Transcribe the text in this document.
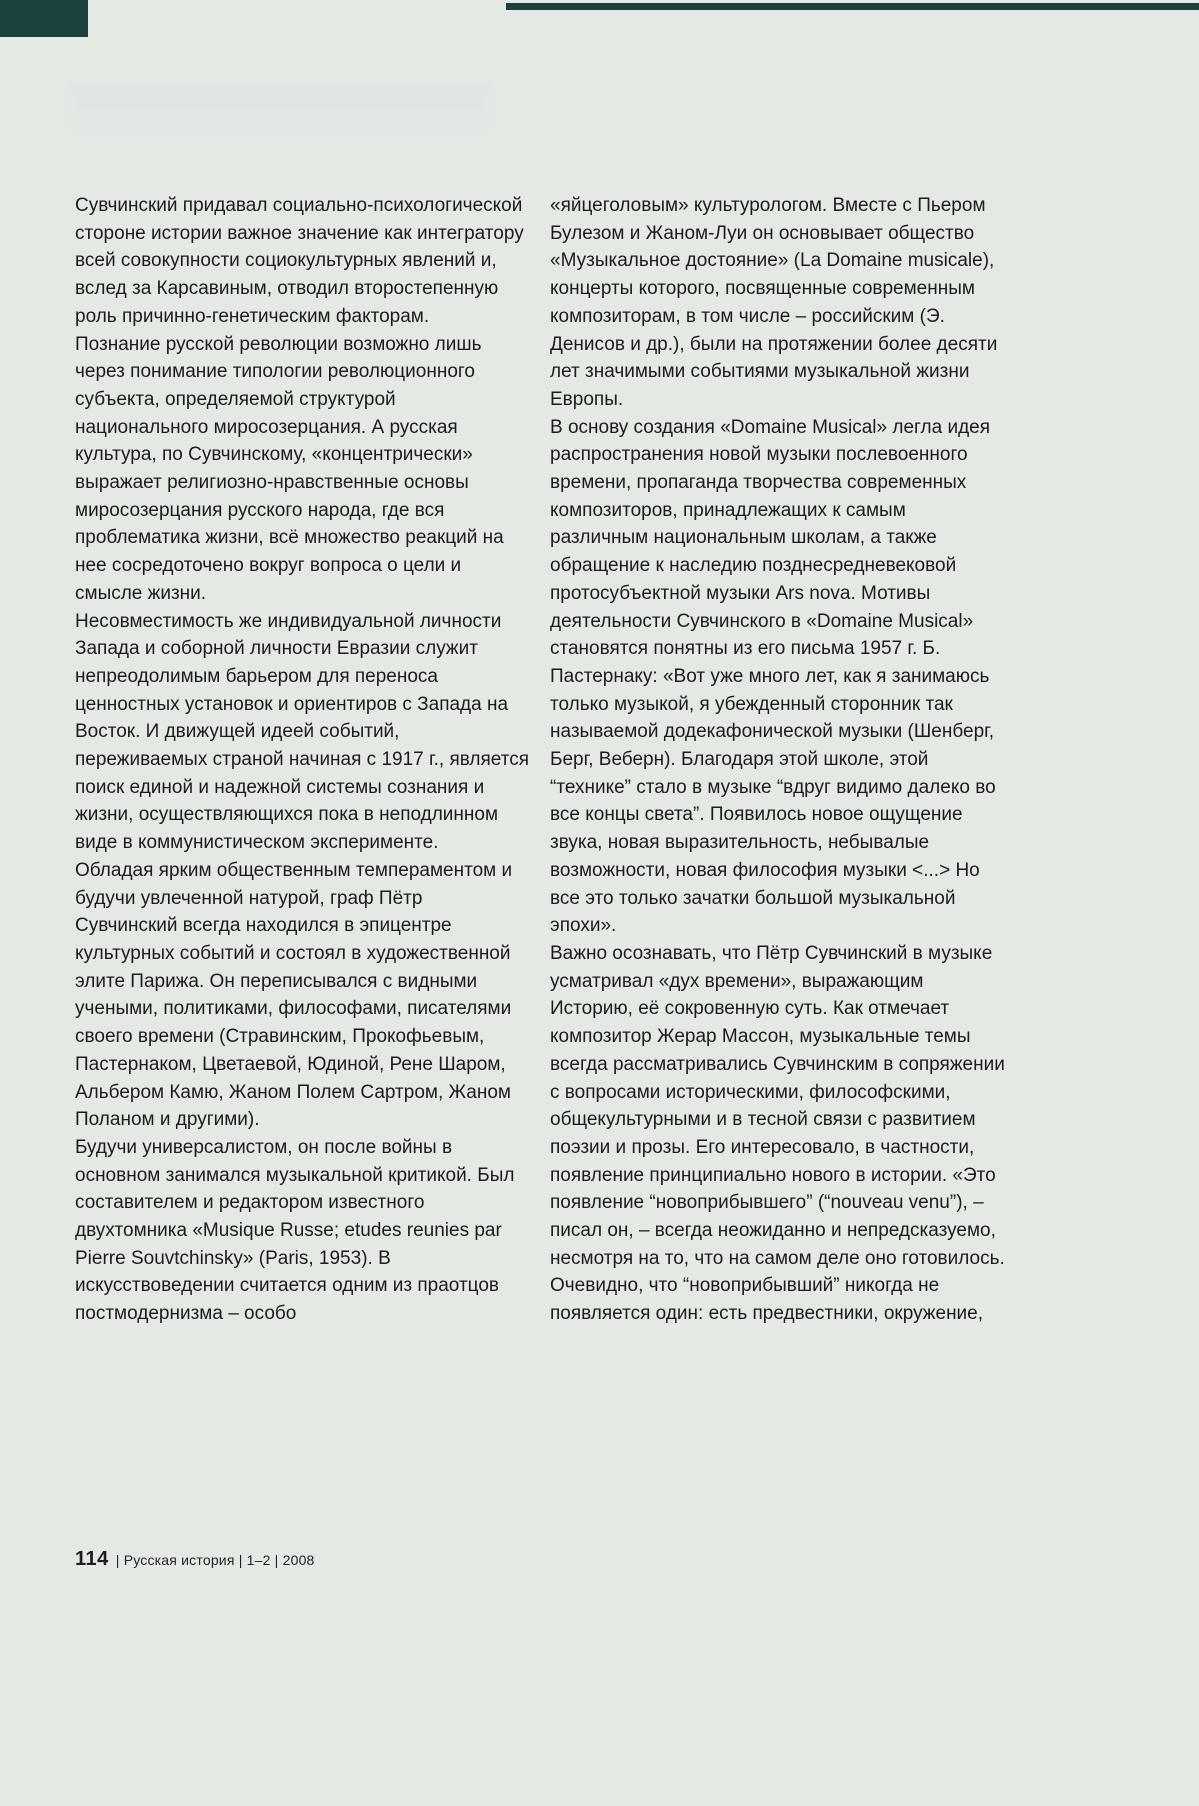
Сувчинский придавал социально-психологической стороне истории важное значение как интегратору всей совокупности социокультурных явлений и, вслед за Карсавиным, отводил второстепенную роль причинно-генетическим факторам.

Познание русской революции возможно лишь через понимание типологии революционного субъекта, определяемой структурой национального миросозерцания. А русская культура, по Сувчинскому, «концентрически» выражает религиозно-нравственные основы миросозерцания русского народа, где вся проблематика жизни, всё множество реакций на нее сосредоточено вокруг вопроса о цели и смысле жизни.

Несовместимость же индивидуальной личности Запада и соборной личности Евразии служит непреодолимым барьером для переноса ценностных установок и ориентиров с Запада на Восток. И движущей идеей событий, переживаемых страной начиная с 1917 г., является поиск единой и надежной системы сознания и жизни, осуществляющихся пока в неподлинном виде в коммунистическом эксперименте.

Обладая ярким общественным темпераментом и будучи увлеченной натурой, граф Пётр Сувчинский всегда находился в эпицентре культурных событий и состоял в художественной элите Парижа. Он переписывался с видными учеными, политиками, философами, писателями своего времени (Стравинским, Прокофьевым, Пастернаком, Цветаевой, Юдиной, Рене Шаром, Альбером Камю, Жаном Полем Сартром, Жаном Поланом и другими).

Будучи универсалистом, он после войны в основном занимался музыкальной критикой. Был составителем и редактором известного двухтомника «Musique Russe; etudes reunies par Pierre Souvtchinsky» (Paris, 1953). В искусствоведении считается одним из праотцов постмодернизма – особо

«яйцеголовым» культурологом. Вместе с Пьером Булезом и Жаном-Луи он основывает общество «Музыкальное достояние» (La Domaine musicale), концерты которого, посвященные современным композиторам, в том числе – российским (Э. Денисов и др.), были на протяжении более десяти лет значимыми событиями музыкальной жизни Европы.

В основу создания «Domaine Musical» легла идея распространения новой музыки послевоенного времени, пропаганда творчества современных композиторов, принадлежащих к самым различным национальным школам, а также обращение к наследию позднесредневековой протосубъектной музыки Ars nova. Мотивы деятельности Сувчинского в «Domaine Musical» становятся понятны из его письма 1957 г. Б. Пастернаку: «Вот уже много лет, как я занимаюсь только музыкой, я убежденный сторонник так называемой додекафонической музыки (Шенберг, Берг, Веберн). Благодаря этой школе, этой “технике” стало в музыке “вдруг видимо далеко во все концы света”. Появилось новое ощущение звука, новая выразительность, небывалые возможности, новая философия музыки <...> Но все это только зачатки большой музыкальной эпохи».

Важно осознавать, что Пётр Сувчинский в музыке усматривал «дух времени», выражающим Историю, её сокровенную суть. Как отмечает композитор Жерар Массон, музыкальные темы всегда рассматривались Сувчинским в сопряжении с вопросами историческими, философскими, общекультурными и в тесной связи с развитием поэзии и прозы. Его интересовало, в частности, появление принципиально нового в истории. «Это появление “новоприбывшего” (“nouveau venu”), – писал он, – всегда неожиданно и непредсказуемо, несмотря на то, что на самом деле оно готовилось. Очевидно, что “новоприбывший” никогда не появляется один: есть предвестники, окружение,

114 | Русская история | 1–2 | 2008
